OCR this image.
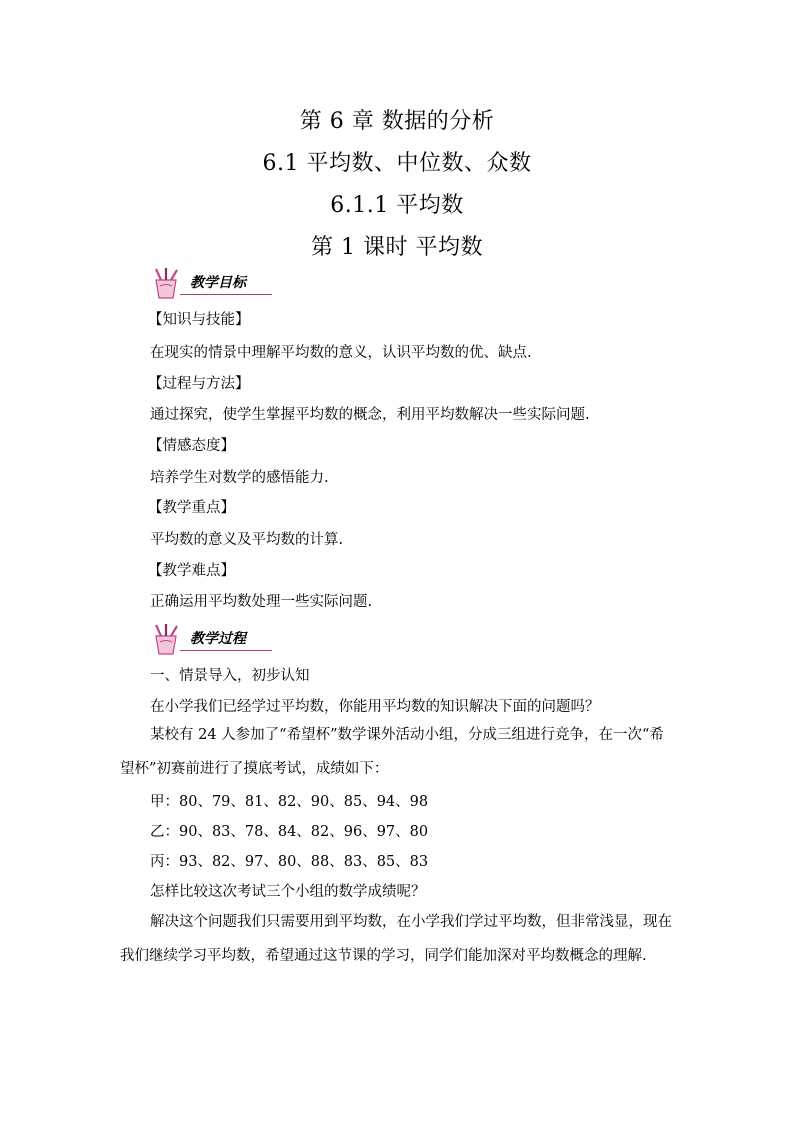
第 6 章 数据的分析
6.1 平均数、中位数、众数
6.1.1 平均数
第 1 课时 平均数
教学目标
【知识与技能】
在现实的情景中理解平均数的意义，认识平均数的优、缺点.
【过程与方法】
通过探究，使学生掌握平均数的概念，利用平均数解决一些实际问题.
【情感态度】
培养学生对数学的感悟能力.
【教学重点】
平均数的意义及平均数的计算.
【教学难点】
正确运用平均数处理一些实际问题.
教学过程
一、情景导入，初步认知
在小学我们已经学过平均数，你能用平均数的知识解决下面的问题吗？
某校有 24 人参加了“希望杯”数学课外活动小组，分成三组进行竞争，在一次“希望杯”初赛前进行了摸底考试，成绩如下：
甲：80、79、81、82、90、85、94、98
乙：90、83、78、84、82、96、97、80
丙：93、82、97、80、88、83、85、83
怎样比较这次考试三个小组的数学成绩呢？
解决这个问题我们只需要用到平均数，在小学我们学过平均数，但非常浅显，现在我们继续学习平均数，希望通过这节课的学习，同学们能加深对平均数概念的理解.
